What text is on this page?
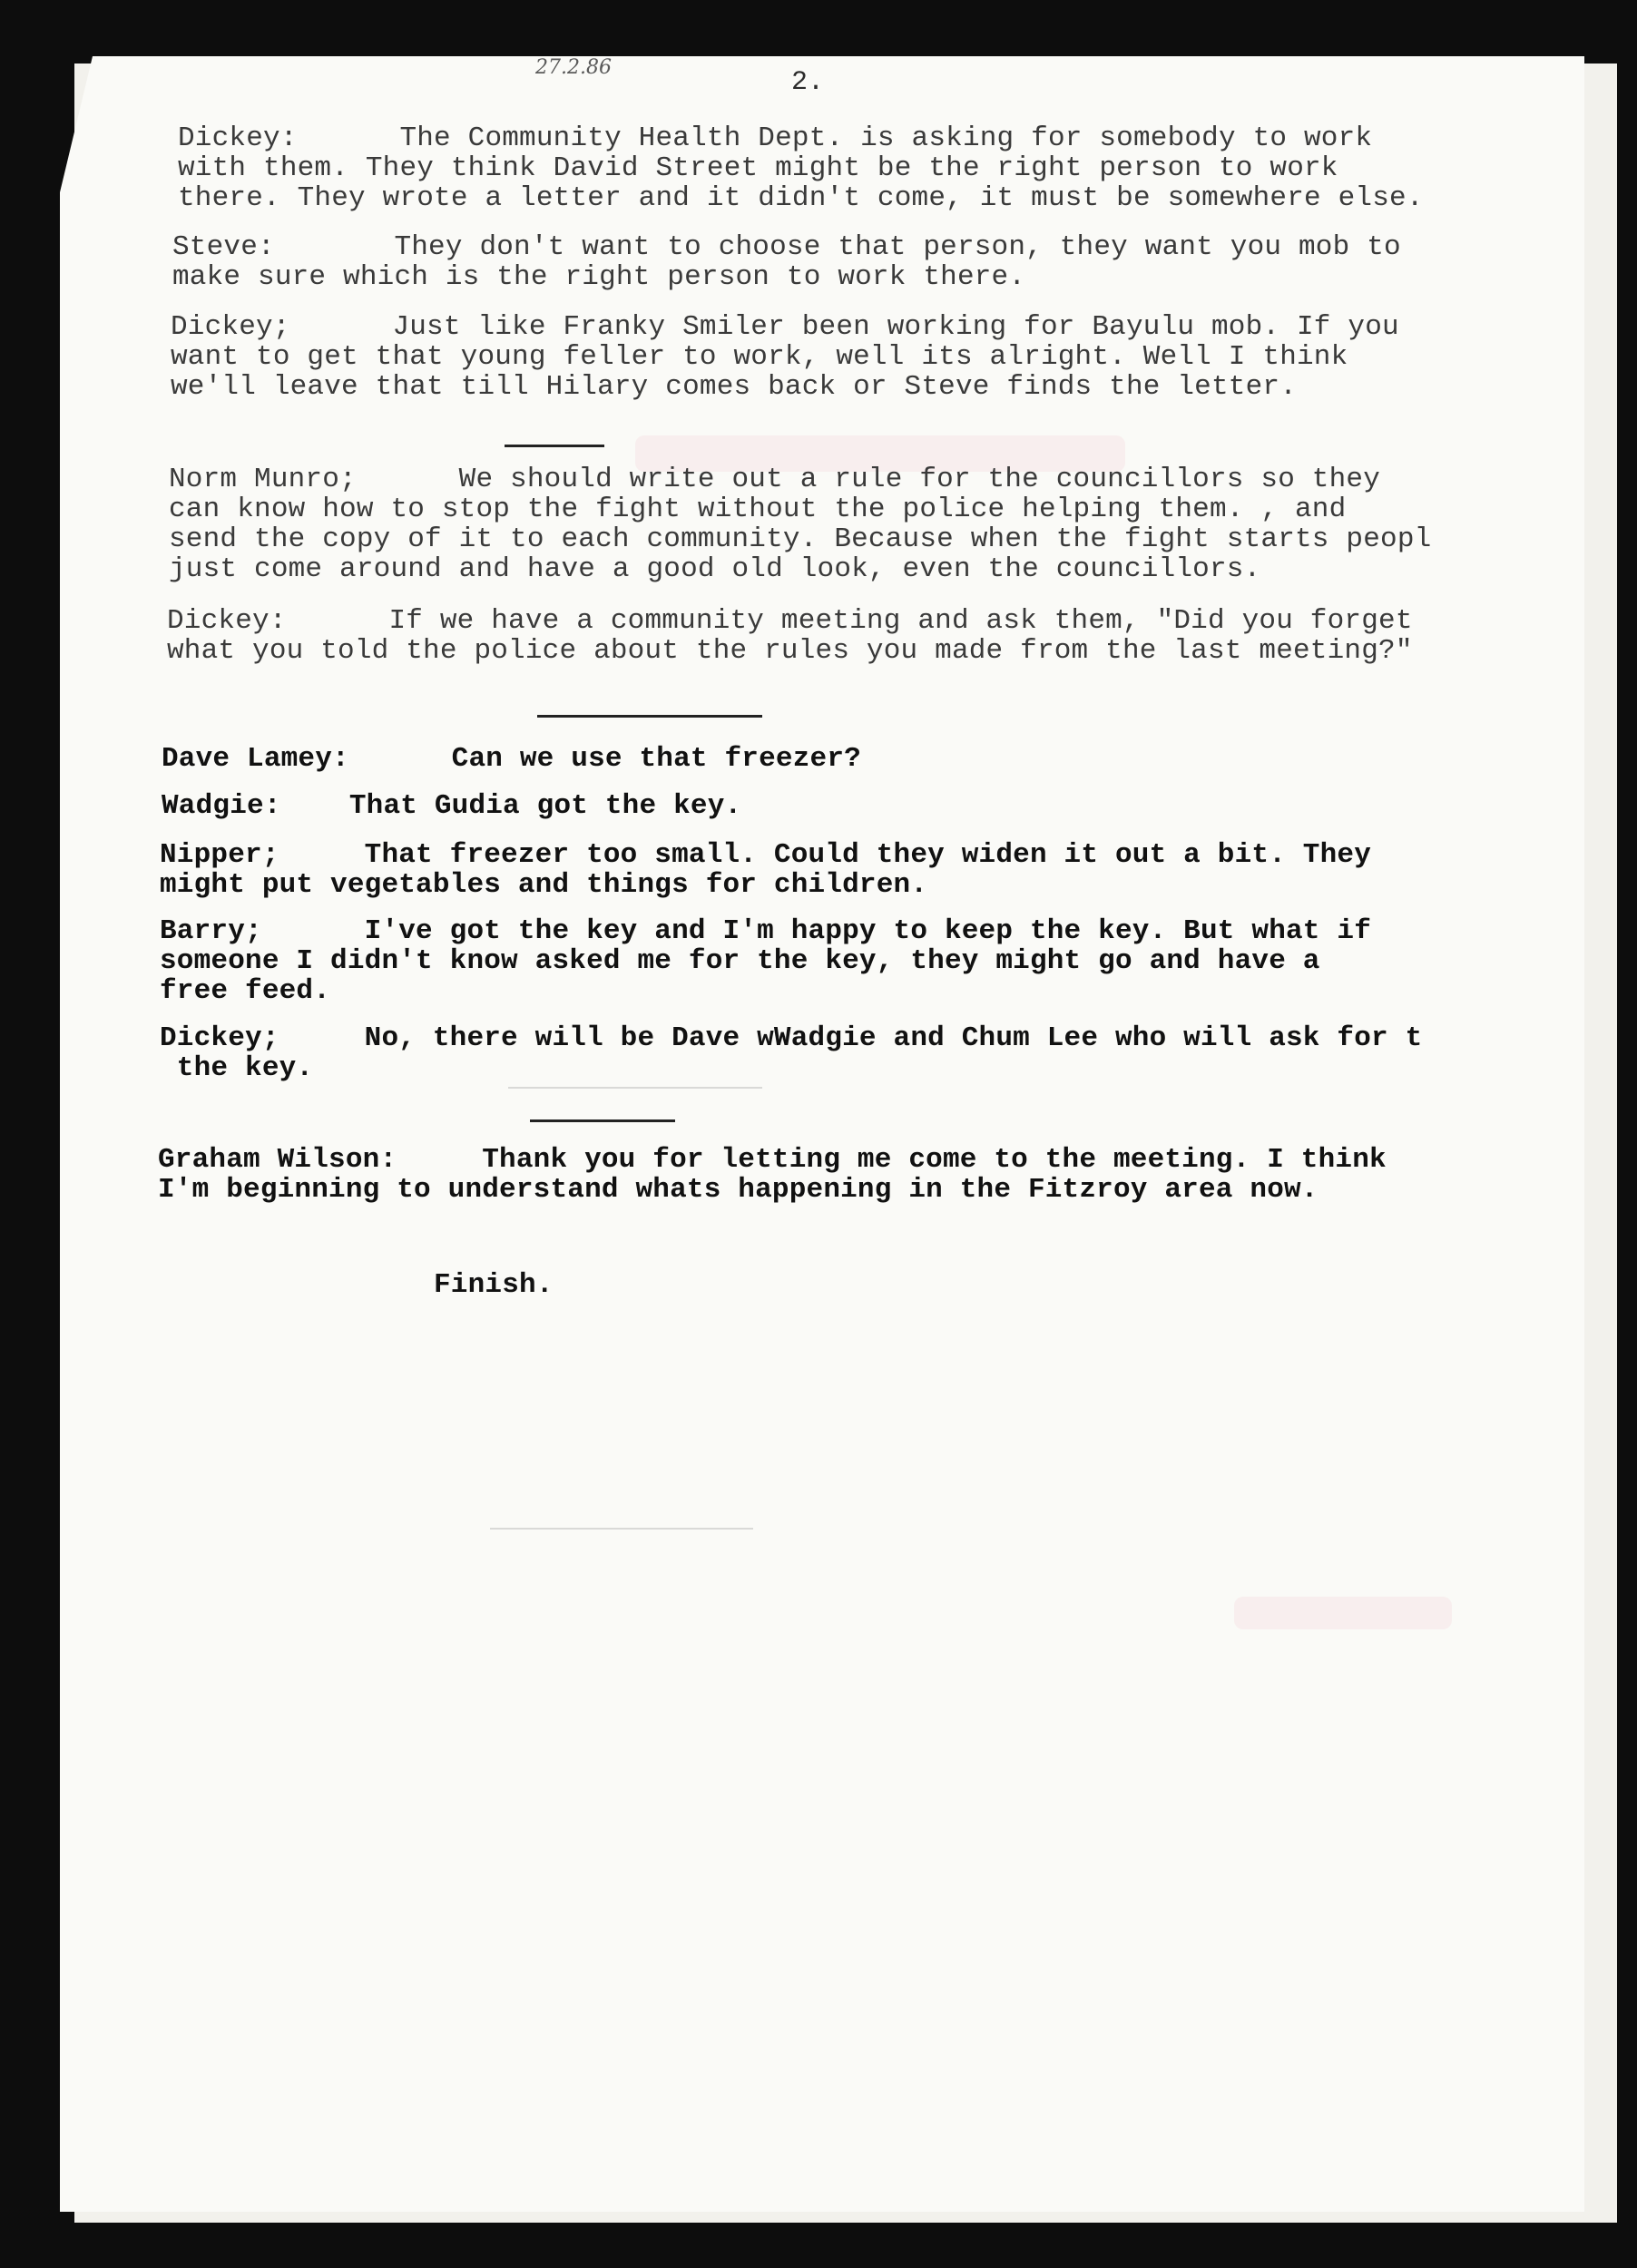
27.2.86	2.
Dickey:      The Community Health Dept. is asking for somebody to work
with them. They think David Street might be the right person to work
there. They wrote a letter and it didn't come, it must be somewhere else.
Steve:       They don't want to choose that person, they want you mob to
make sure which is the right person to work there.
Dickey;      Just like Franky Smiler been working for Bayulu mob. If you
want to get that young feller to work, well its alright. Well I think
we'll leave that till Hilary comes back or Steve finds the letter.
Norm Munro;      We should write out a rule for the councillors so they
can know how to stop the fight without the police helping them. , and
send the copy of it to each community. Because when the fight starts peopl
just come around and have a good old look, even the councillors.
Dickey:      If we have a community meeting and ask them, "Did you forget
what you told the police about the rules you made from the last meeting?"
Dave Lamey:      Can we use that freezer?
Wadgie:    That Gudia got the key.
Nipper;     That freezer too small. Could they widen it out a bit. They
might put vegetables and things for children.
Barry;      I've got the key and I'm happy to keep the key. But what if
someone I didn't know asked me for the key, they might go and have a
free feed.
Dickey;     No, there will be Dave wWadgie and Chum Lee who will ask for t
the key.
Graham Wilson:     Thank you for letting me come to the meeting. I think
I'm beginning to understand whats happening in the Fitzroy area now.
Finish.
